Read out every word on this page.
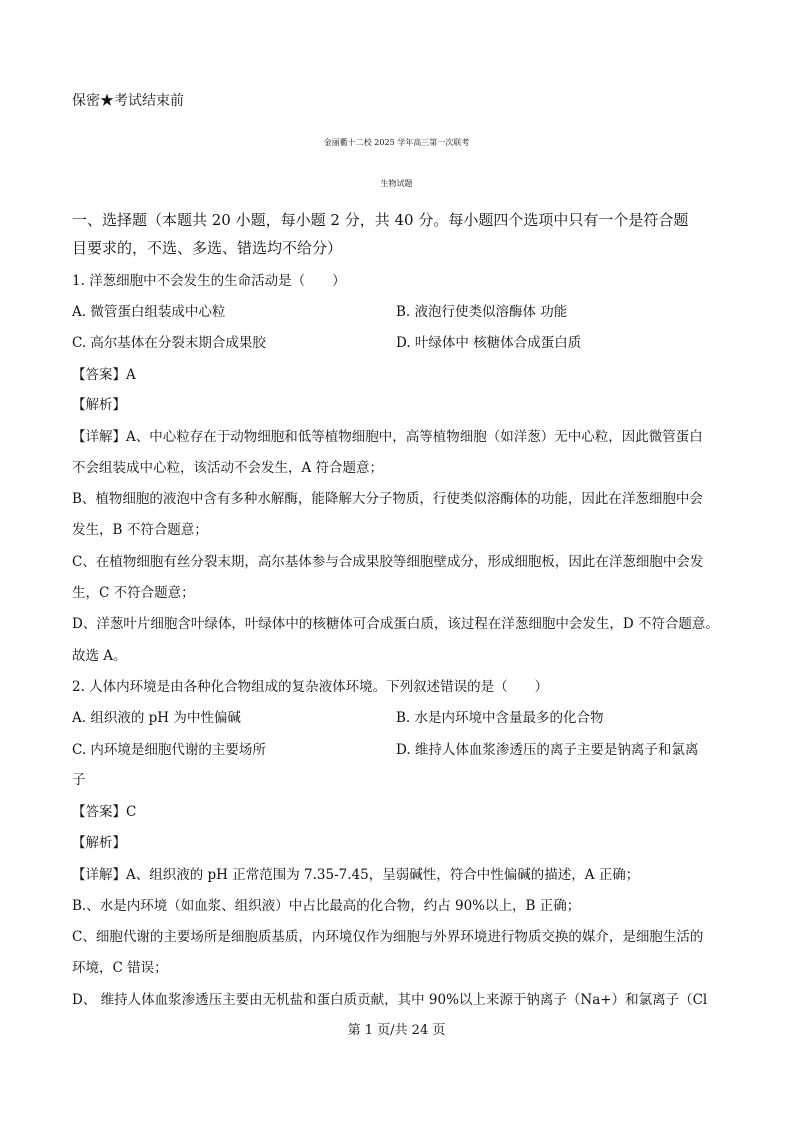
保密★考试结束前
金丽衢十二校 2025 学年高三第一次联考
生物试题
一、选择题（本题共 20 小题，每小题 2 分，共 40 分。每小题四个选项中只有一个是符合题
目要求的，不选、多选、错选均不给分）
1. 洋葱细胞中不会发生的生命活动是（　　）
A. 微管蛋白组装成中心粒	B. 液泡行使类似溶酶体 功能
C. 高尔基体在分裂末期合成果胶	D. 叶绿体中 核糖体合成蛋白质
【答案】A
【解析】
【详解】A、中心粒存在于动物细胞和低等植物细胞中，高等植物细胞（如洋葱）无中心粒，因此微管蛋白
不会组装成中心粒，该活动不会发生，A 符合题意；
B、植物细胞的液泡中含有多种水解酶，能降解大分子物质，行使类似溶酶体的功能，因此在洋葱细胞中会
发生，B 不符合题意；
C、在植物细胞有丝分裂末期，高尔基体参与合成果胶等细胞壁成分，形成细胞板，因此在洋葱细胞中会发
生，C 不符合题意；
D、洋葱叶片细胞含叶绿体，叶绿体中的核糖体可合成蛋白质，该过程在洋葱细胞中会发生，D 不符合题意。
故选 A。
2. 人体内环境是由各种化合物组成的复杂液体环境。下列叙述错误的是（　　）
A. 组织液的 pH 为中性偏碱	B. 水是内环境中含量最多的化合物
C. 内环境是细胞代谢的主要场所	D. 维持人体血浆渗透压的离子主要是钠离子和氯离
子
【答案】C
【解析】
【详解】A、组织液的 pH 正常范围为 7.35-7.45，呈弱碱性，符合中性偏碱的描述，A 正确；
B.、水是内环境（如血浆、组织液）中占比最高的化合物，约占 90%以上，B 正确；
C、细胞代谢的主要场所是细胞质基质，内环境仅作为细胞与外界环境进行物质交换的媒介，是细胞生活的
环境，C 错误；
D、 维持人体血浆渗透压主要由无机盐和蛋白质贡献，其中 90%以上来源于钠离子（Na+）和氯离子（Cl
第 1 页/共 24 页
